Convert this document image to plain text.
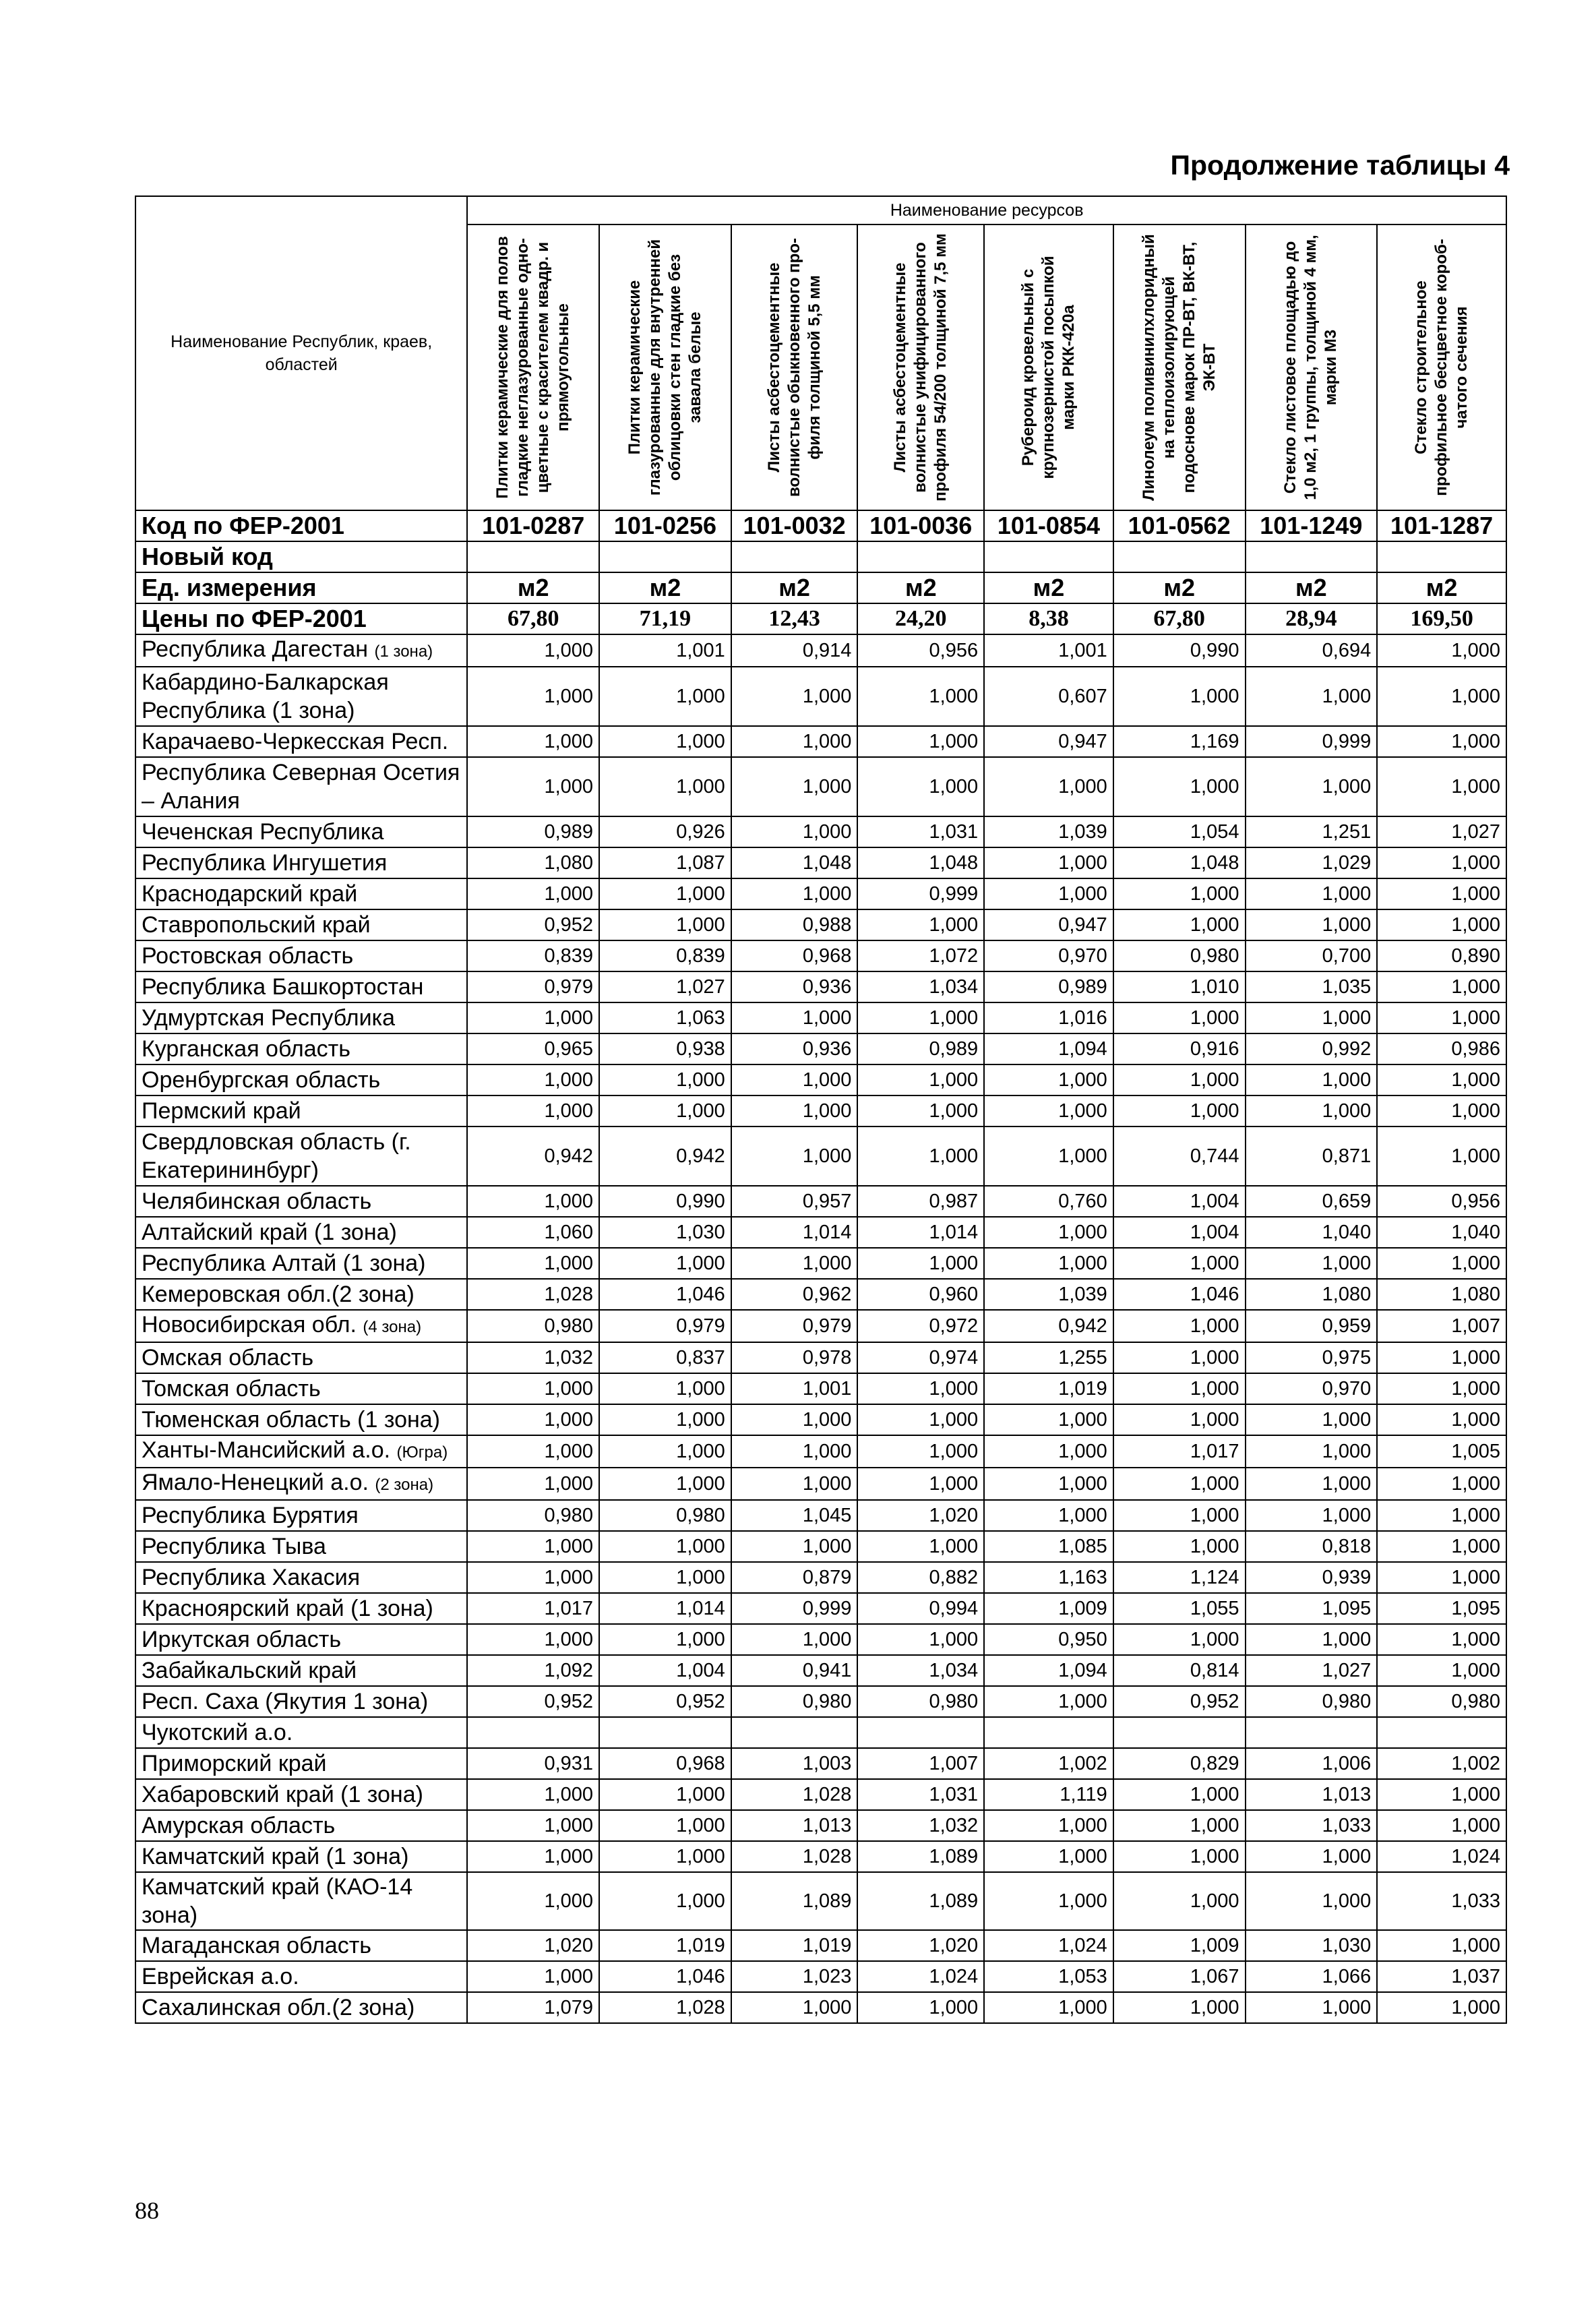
Продолжение таблицы 4
Наименование Республик, краев, областей	Наименование ресурсов							

	Плитки керамические для полов гладкие неглазурованные одно-цветные с красителем квадр. и прямоугольные	Плитки керамические глазурованные для внутренней облицовки стен гладкие без завала белые	Листы асбестоцементные волнистые обыкновенного про-филя толщиной 5,5 мм	Листы асбестоцементные волнистые унифицированного профиля 54/200 толщиной 7,5 мм	Рубероид кровельный с крупнозернистой посыпкой марки РКК-420а	Линолеум поливинилхлоридный на теплоизолирующей подоснове марок ПР-ВТ, ВК-ВТ, ЭК-ВТ	Стекло листовое площадью до 1,0 м2, 1 группы, толщиной 4 мм, марки М3	Стекло строительное профильное бесцветное короб-чатого сечения

Код по ФЕР-2001	101-0287	101-0256	101-0032	101-0036	101-0854	101-0562	101-1249	101-1287
Новый код								
Ед. измерения	м2	м2	м2	м2	м2	м2	м2	м2
Цены по ФЕР-2001	67,80	71,19	12,43	24,20	8,38	67,80	28,94	169,50
Республика Дагестан (1 зона)	1,000	1,001	0,914	0,956	1,001	0,990	0,694	1,000
Кабардино-Балкарская Республика (1 зона)	1,000	1,000	1,000	1,000	0,607	1,000	1,000	1,000
Карачаево-Черкесская Респ.	1,000	1,000	1,000	1,000	0,947	1,169	0,999	1,000
Республика Северная Осетия – Алания	1,000	1,000	1,000	1,000	1,000	1,000	1,000	1,000
Чеченская Республика	0,989	0,926	1,000	1,031	1,039	1,054	1,251	1,027
Республика Ингушетия	1,080	1,087	1,048	1,048	1,000	1,048	1,029	1,000
Краснодарский край	1,000	1,000	1,000	0,999	1,000	1,000	1,000	1,000
Ставропольский край	0,952	1,000	0,988	1,000	0,947	1,000	1,000	1,000
Ростовская область	0,839	0,839	0,968	1,072	0,970	0,980	0,700	0,890
Республика Башкортостан	0,979	1,027	0,936	1,034	0,989	1,010	1,035	1,000
Удмуртская Республика	1,000	1,063	1,000	1,000	1,016	1,000	1,000	1,000
Курганская область	0,965	0,938	0,936	0,989	1,094	0,916	0,992	0,986
Оренбургская область	1,000	1,000	1,000	1,000	1,000	1,000	1,000	1,000
Пермский край	1,000	1,000	1,000	1,000	1,000	1,000	1,000	1,000
Свердловская область (г. Екатерининбург)	0,942	0,942	1,000	1,000	1,000	0,744	0,871	1,000
Челябинская область	1,000	0,990	0,957	0,987	0,760	1,004	0,659	0,956
Алтайский край (1 зона)	1,060	1,030	1,014	1,014	1,000	1,004	1,040	1,040
Республика Алтай (1 зона)	1,000	1,000	1,000	1,000	1,000	1,000	1,000	1,000
Кемеровская обл.(2 зона)	1,028	1,046	0,962	0,960	1,039	1,046	1,080	1,080
Новосибирская обл. (4 зона)	0,980	0,979	0,979	0,972	0,942	1,000	0,959	1,007
Омская область	1,032	0,837	0,978	0,974	1,255	1,000	0,975	1,000
Томская область	1,000	1,000	1,001	1,000	1,019	1,000	0,970	1,000
Тюменская область (1 зона)	1,000	1,000	1,000	1,000	1,000	1,000	1,000	1,000
Ханты-Мансийский а.о. (Югра)	1,000	1,000	1,000	1,000	1,000	1,017	1,000	1,005
Ямало-Ненецкий а.о. (2 зона)	1,000	1,000	1,000	1,000	1,000	1,000	1,000	1,000
Республика Бурятия	0,980	0,980	1,045	1,020	1,000	1,000	1,000	1,000
Республика Тыва	1,000	1,000	1,000	1,000	1,085	1,000	0,818	1,000
Республика Хакасия	1,000	1,000	0,879	0,882	1,163	1,124	0,939	1,000
Красноярский край (1 зона)	1,017	1,014	0,999	0,994	1,009	1,055	1,095	1,095
Иркутская область	1,000	1,000	1,000	1,000	0,950	1,000	1,000	1,000
Забайкальский край	1,092	1,004	0,941	1,034	1,094	0,814	1,027	1,000
Респ. Саха (Якутия 1 зона)	0,952	0,952	0,980	0,980	1,000	0,952	0,980	0,980
Чукотский а.о.								
Приморский край	0,931	0,968	1,003	1,007	1,002	0,829	1,006	1,002
Хабаровский край (1 зона)	1,000	1,000	1,028	1,031	1,119	1,000	1,013	1,000
Амурская область	1,000	1,000	1,013	1,032	1,000	1,000	1,033	1,000
Камчатский край (1 зона)	1,000	1,000	1,028	1,089	1,000	1,000	1,000	1,024
Камчатский край (КАО-14 зона)	1,000	1,000	1,089	1,089	1,000	1,000	1,000	1,033
Магаданская область	1,020	1,019	1,019	1,020	1,024	1,009	1,030	1,000
Еврейская а.о.	1,000	1,046	1,023	1,024	1,053	1,067	1,066	1,037
Сахалинская обл.(2 зона)	1,079	1,028	1,000	1,000	1,000	1,000	1,000	1,000
88
